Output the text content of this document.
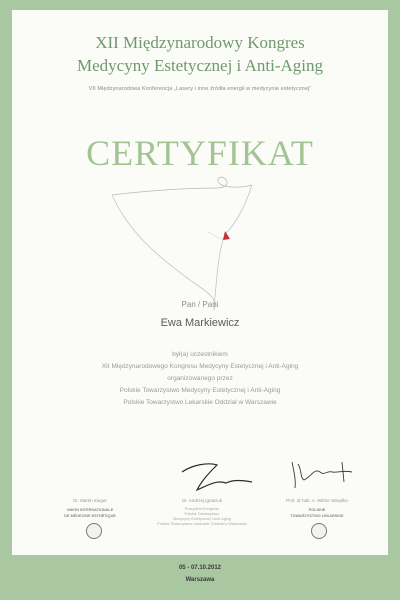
XII Międzynarodowy Kongres
Medycyny Estetycznej i Anti-Aging
VII Międzynarodowa Konferencja „Lasery i inne źródła energii w medycynie estetycznej”
CERTYFIKAT
Pan / Pani
Ewa Markiewicz
był(a) uczestnikiem
XII Międzynarodowego Kongresu Medycyny Estetycznej i Anti-Aging
organizowanego przez
Polskie Towarzystwo Medycyny Estetycznej i Anti-Aging
Polskie Towarzystwo Lekarskie Oddział w Warszawie
Dr. Martin Kluger	Dr. Andrzej Ignaciuk	Prof. dr hab. n. Wiktor Wasyłko
UNION INTERNATIONALE
DE MÉDECINE ESTHÉTIQUE
Prezydent Kongresu
Polskie Towarzystwo
Medycyny Estetycznej i Anti-Aging
Polskie Towarzystwo Lekarskie Oddział w Warszawie
POLSKIE
TOWARZYSTWO LEKARSKIE
05 - 07.10.2012
Warszawa
